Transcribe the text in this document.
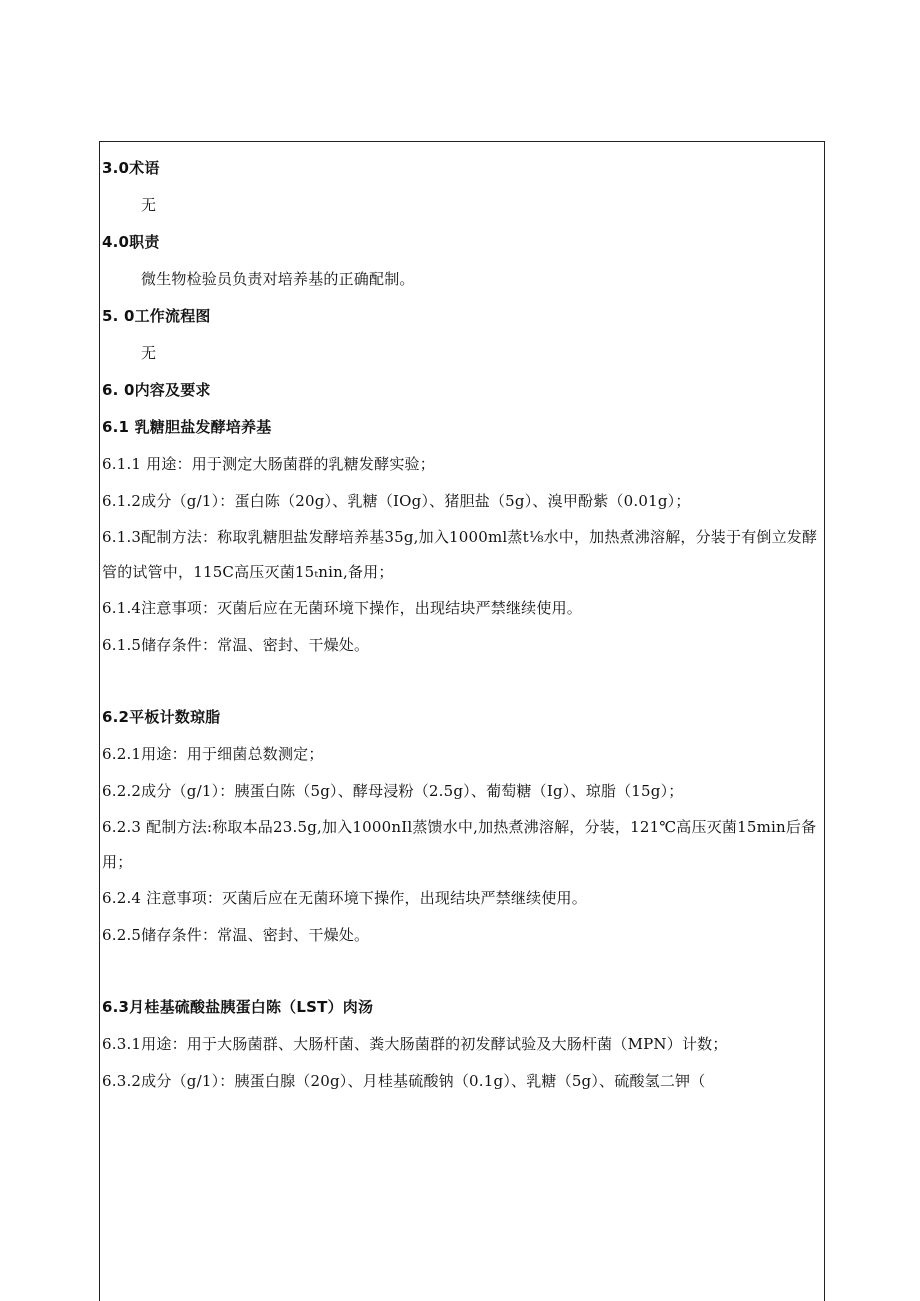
3.0术语
无
4.0职责
微生物检验员负责对培养基的正确配制。
5. 0工作流程图
无
6. 0内容及要求
6.1 乳糖胆盐发酵培养基
6.1.1 用途：用于测定大肠菌群的乳糖发酵实验；
6.1.2成分（g/1）：蛋白陈（20g）、乳糖（IOg）、猪胆盐（5g）、溴甲酚紫（0.01g）；
6.1.3配制方法：称取乳糖胆盐发酵培养基35g,加入1000ml蒸t⅛水中，加热煮沸溶解，分装于有倒立发酵管的试管中，115C高压灭菌15ₜnin,备用；
6.1.4注意事项：灭菌后应在无菌环境下操作，出现结块严禁继续使用。
6.1.5储存条件：常温、密封、干燥处。
6.2平板计数琼脂
6.2.1用途：用于细菌总数测定；
6.2.2成分（g/1）：胰蛋白陈（5g）、酵母浸粉（2.5g）、葡萄糖（Ig）、琼脂（15g）；
6.2.3 配制方法:称取本品23.5g,加入1000nIl蒸馈水中,加热煮沸溶解，分装，121℃高压灭菌15min后备用；
6.2.4 注意事项：灭菌后应在无菌环境下操作，出现结块严禁继续使用。
6.2.5储存条件：常温、密封、干燥处。
6.3月桂基硫酸盐胰蛋白陈（LST）肉汤
6.3.1用途：用于大肠菌群、大肠杆菌、粪大肠菌群的初发酵试验及大肠杆菌（MPN）计数；
6.3.2成分（g/1）：胰蛋白腺（20g）、月桂基硫酸钠（0.1g）、乳糖（5g）、硫酸氢二钾（
